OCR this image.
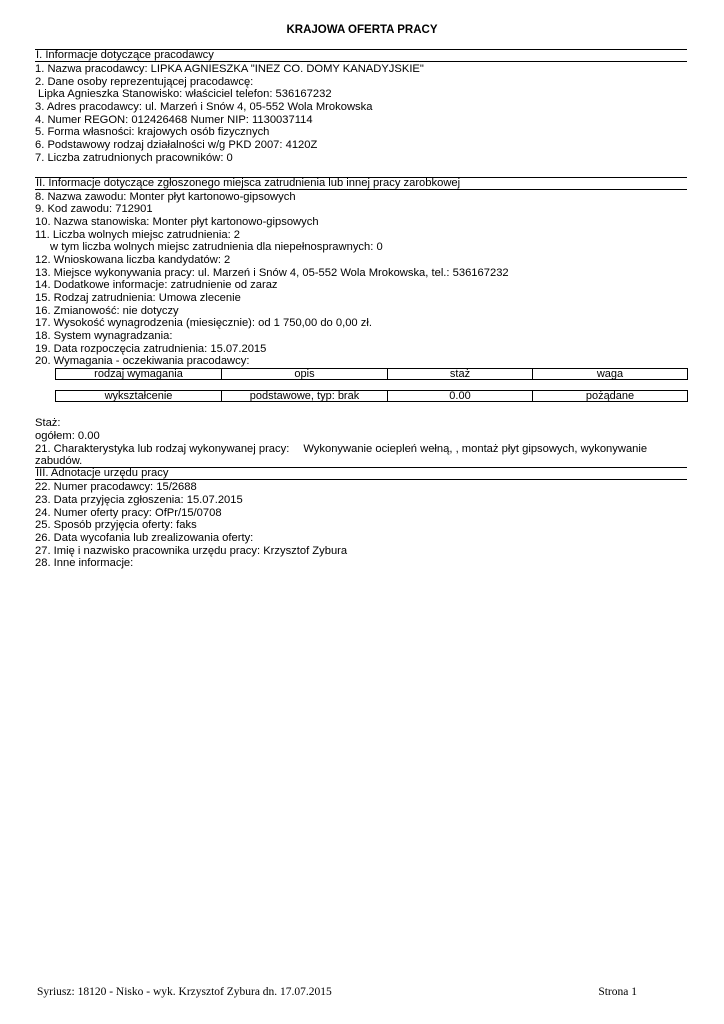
KRAJOWA OFERTA PRACY
I. Informacje dotyczące pracodawcy
1. Nazwa pracodawcy: LIPKA AGNIESZKA "INEZ CO. DOMY KANADYJSKIE"
2. Dane osoby reprezentującej pracodawcę:
Lipka Agnieszka Stanowisko: właściciel telefon: 536167232
3. Adres pracodawcy: ul. Marzeń i Snów 4, 05-552 Wola Mrokowska
4. Numer REGON: 012426468 Numer NIP: 1130037114
5. Forma własności: krajowych osób fizycznych
6. Podstawowy rodzaj działalności w/g PKD 2007: 4120Z
7. Liczba zatrudnionych pracowników: 0
II. Informacje dotyczące zgłoszonego miejsca zatrudnienia lub innej pracy zarobkowej
8. Nazwa zawodu: Monter płyt kartonowo-gipsowych
9. Kod zawodu: 712901
10. Nazwa stanowiska: Monter płyt kartonowo-gipsowych
11. Liczba wolnych miejsc zatrudnienia: 2
w tym liczba wolnych miejsc zatrudnienia dla niepełnosprawnych: 0
12. Wnioskowana liczba kandydatów: 2
13. Miejsce wykonywania pracy: ul. Marzeń i Snów 4, 05-552 Wola Mrokowska, tel.: 536167232
14. Dodatkowe informacje: zatrudnienie od zaraz
15. Rodzaj zatrudnienia: Umowa zlecenie
16. Zmianowość: nie dotyczy
17. Wysokość wynagrodzenia (miesięcznie): od 1 750,00 do 0,00 zł.
18. System wynagradzania:
19. Data rozpoczęcia zatrudnienia: 15.07.2015
20. Wymagania - oczekiwania pracodawcy:
rodzaj wymagania	opis	staż	waga

wykształcenie	podstawowe, typ: brak	0.00	pożądane
Staż:
ogółem: 0.00
21. Charakterystyka lub rodzaj wykonywanej pracy: Wykonywanie ociepleń wełną, , montaż płyt gipsowych, wykonywanie zabudów.
III. Adnotacje urzędu pracy
22. Numer pracodawcy: 15/2688
23. Data przyjęcia zgłoszenia: 15.07.2015
24. Numer oferty pracy: OfPr/15/0708
25. Sposób przyjęcia oferty: faks
26. Data wycofania lub zrealizowania oferty:
27. Imię i nazwisko pracownika urzędu pracy: Krzysztof Zybura
28. Inne informacje:
Syriusz: 18120 - Nisko - wyk. Krzysztof Zybura dn. 17.07.2015	Strona 1
